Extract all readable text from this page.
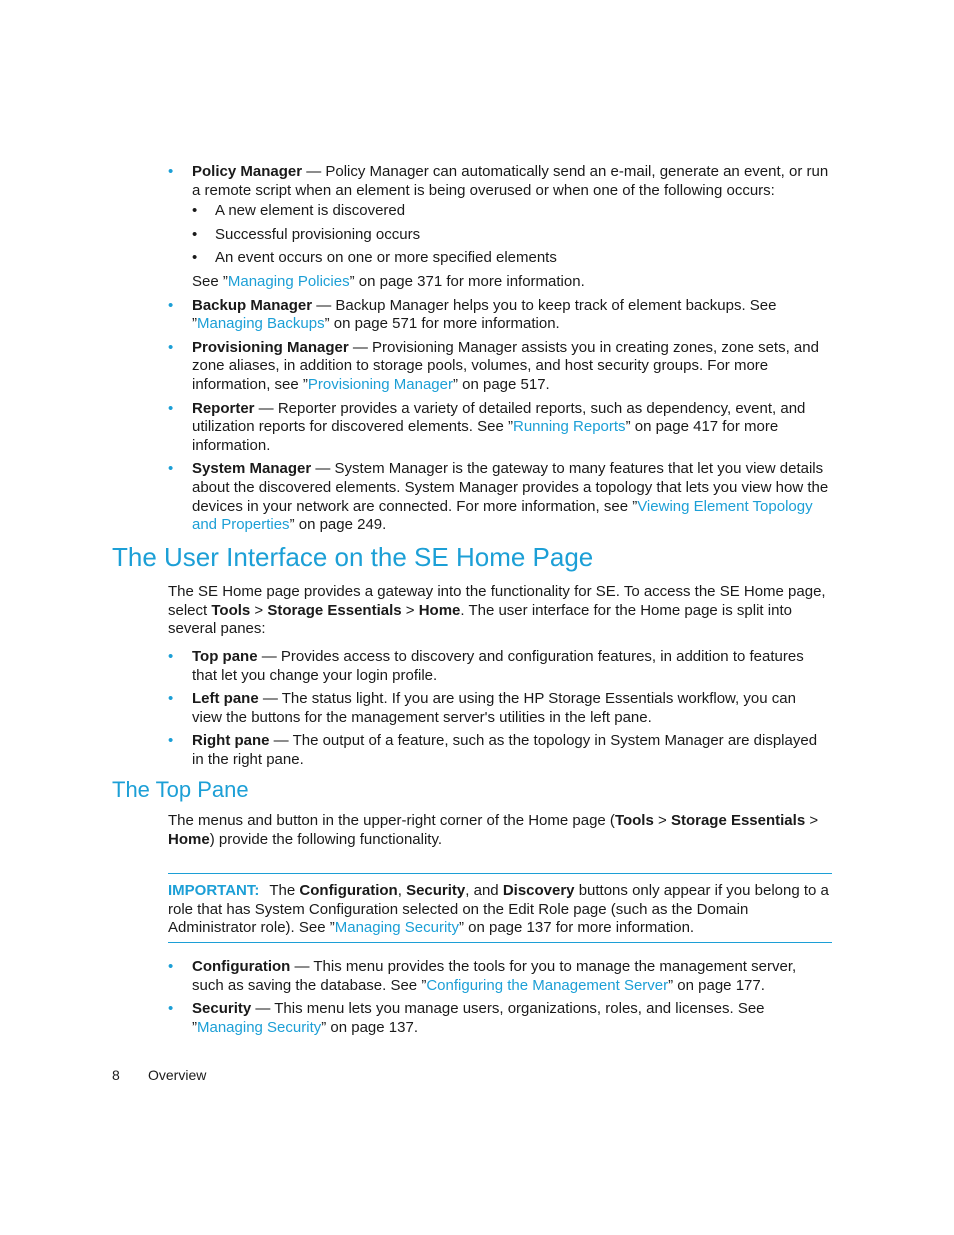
• Policy Manager — Policy Manager can automatically send an e-mail, generate an event, or run a remote script when an element is being overused or when one of the following occurs:
• A new element is discovered
• Successful provisioning occurs
• An event occurs on one or more specified elements
See ”Managing Policies” on page 371 for more information.
• Backup Manager — Backup Manager helps you to keep track of element backups. See ”Managing Backups” on page 571 for more information.
• Provisioning Manager — Provisioning Manager assists you in creating zones, zone sets, and zone aliases, in addition to storage pools, volumes, and host security groups. For more information, see ”Provisioning Manager” on page 517.
• Reporter — Reporter provides a variety of detailed reports, such as dependency, event, and utilization reports for discovered elements. See ”Running Reports” on page 417 for more information.
• System Manager — System Manager is the gateway to many features that let you view details about the discovered elements. System Manager provides a topology that lets you view how the devices in your network are connected. For more information, see ”Viewing Element Topology and Properties” on page 249.
The User Interface on the SE Home Page

The SE Home page provides a gateway into the functionality for SE. To access the SE Home page, select Tools > Storage Essentials > Home. The user interface for the Home page is split into several panes:

• Top pane — Provides access to discovery and configuration features, in addition to features that let you change your login profile.
• Left pane — The status light. If you are using the HP Storage Essentials workflow, you can view the buttons for the management server's utilities in the left pane.
• Right pane — The output of a feature, such as the topology in System Manager are displayed in the right pane.
The Top Pane

The menus and button in the upper-right corner of the Home page (Tools > Storage Essentials > Home) provide the following functionality.

IMPORTANT: The Configuration, Security, and Discovery buttons only appear if you belong to a role that has System Configuration selected on the Edit Role page (such as the Domain Administrator role). See ”Managing Security” on page 137 for more information.

• Configuration — This menu provides the tools for you to manage the management server, such as saving the database. See ”Configuring the Management Server” on page 177.
• Security — This menu lets you manage users, organizations, roles, and licenses. See ”Managing Security” on page 137.
8 Overview
